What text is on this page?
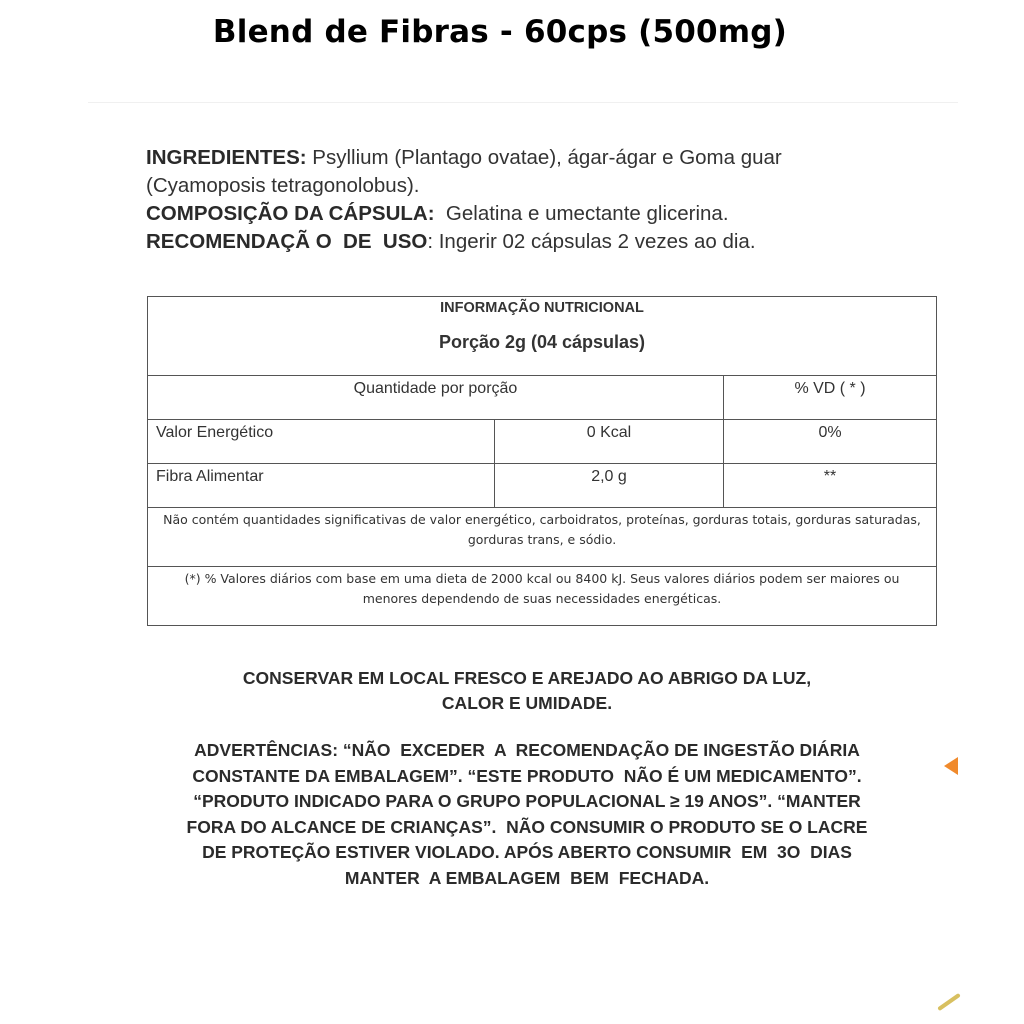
Blend de Fibras - 60cps (500mg)

INGREDIENTES: Psyllium (Plantago ovatae), ágar-ágar e Goma guar

(Cyamoposis tetragonolobus).

COMPOSIÇÃO DA CÁPSULA:  Gelatina e umectante glicerina.

RECOMENDAÇÃ O  DE  USO: Ingerir 02 cápsulas 2 vezes ao dia.

INFORMAÇÃO NUTRICIONAL
Porção 2g (04 cápsulas)		

Quantidade por porção		% VD ( * )
Valor Energético	0 Kcal	0%
Fibra Alimentar	2,0 g	**
Não contém quantidades significativas de valor energético, carboidratos, proteínas, gorduras totais, gorduras saturadas, gorduras trans, e sódio.		
(*) % Valores diários com base em uma dieta de 2000 kcal ou 8400 kJ. Seus valores diários podem ser maiores ou menores dependendo de suas necessidades energéticas.		

CONSERVAR EM LOCAL FRESCO E AREJADO AO ABRIGO DA LUZ,

CALOR E UMIDADE.

ADVERTÊNCIAS: “NÃO  EXCEDER  A  RECOMENDAÇÃO DE INGESTÃO DIÁRIA

CONSTANTE DA EMBALAGEM”. “ESTE PRODUTO  NÃO É UM MEDICAMENTO”.

“PRODUTO INDICADO PARA O GRUPO POPULACIONAL ≥ 19 ANOS”. “MANTER

FORA DO ALCANCE DE CRIANÇAS”.  NÃO CONSUMIR O PRODUTO SE O LACRE

DE PROTEÇÃO ESTIVER VIOLADO. APÓS ABERTO CONSUMIR  EM  3O  DIAS

MANTER  A EMBALAGEM  BEM  FECHADA.
